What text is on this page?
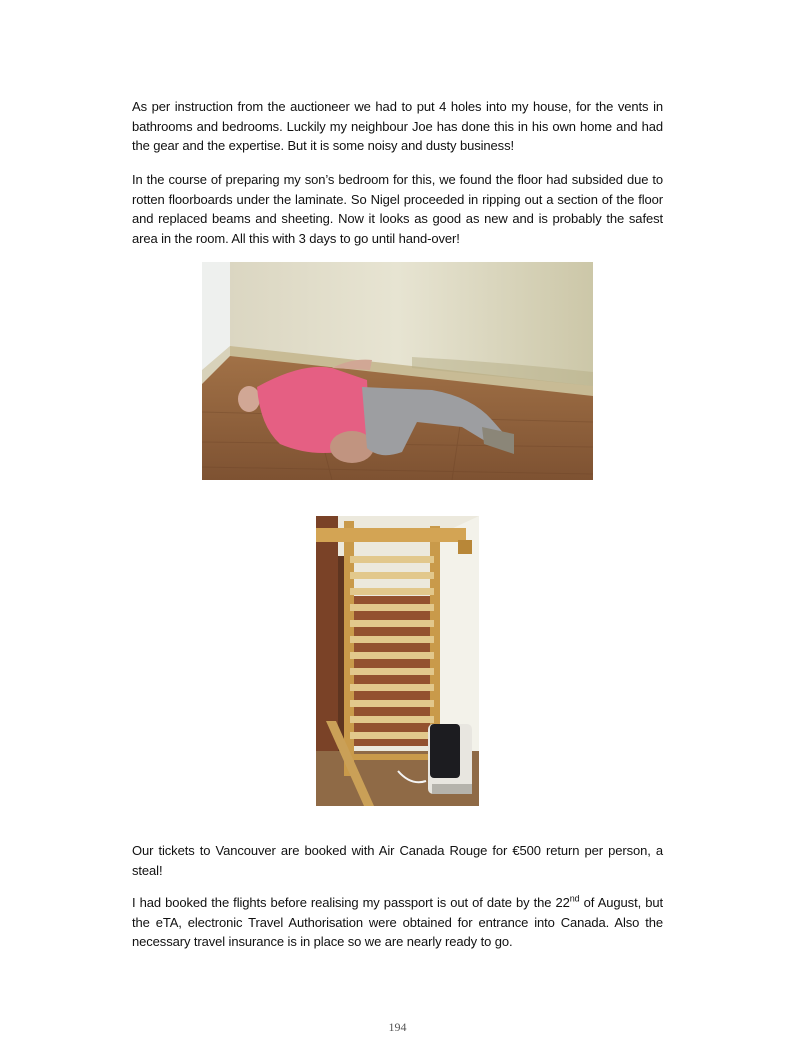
As per instruction from the auctioneer we had to put 4 holes into my house, for the vents in bathrooms and bedrooms. Luckily my neighbour Joe has done this in his own home and had the gear and the expertise. But it is some noisy and dusty business!

In the course of preparing my son’s bedroom for this, we found the floor had subsided due to rotten floorboards under the laminate. So Nigel proceeded in ripping out a section of the floor and replaced beams and sheeting. Now it looks as good as new and is probably the safest area in the room. All this with 3 days to go until hand-over!

Our tickets to Vancouver are booked with Air Canada Rouge for €500 return per person, a steal!

I had booked the flights before realising my passport is out of date by the 22nd of August, but the eTA, electronic Travel Authorisation were obtained for entrance into Canada. Also the necessary travel insurance is in place so we are nearly ready to go.

194
